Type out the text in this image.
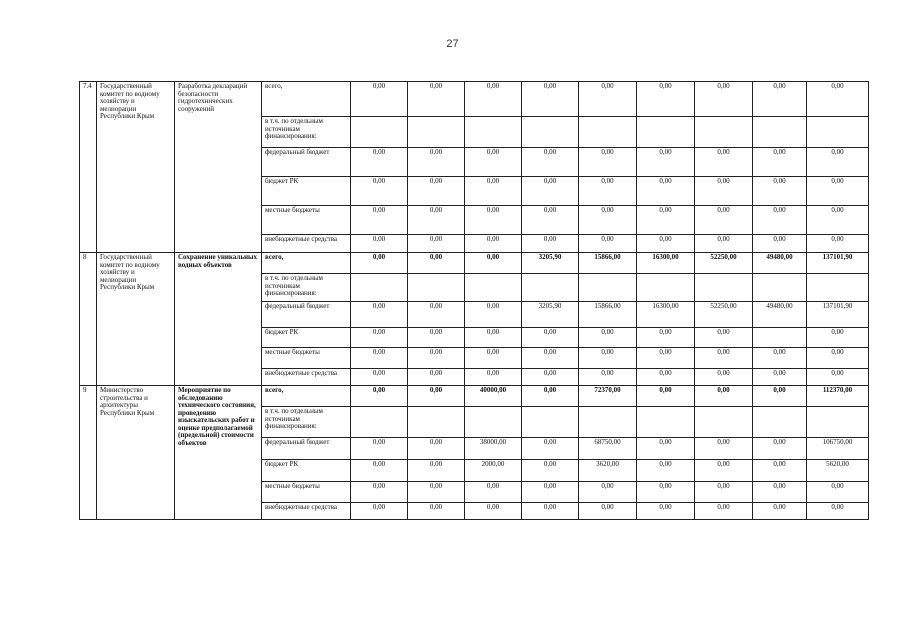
27
7.4	Государственный комитет по водному хозяйству и мелиорации Республики Крым	Разработка деклараций безопасности гидротехнических сооружений	всего,	0,00	0,00	0,00	0,00	0,00	0,00	0,00	0,00	0,00
			в т.ч. по отдельным источникам финансирования:									
			федеральный бюджет	0,00	0,00	0,00	0,00	0,00	0,00	0,00	0,00	0,00
			бюджет РК	0,00	0,00	0,00	0,00	0,00	0,00	0,00	0,00	0,00
			местные бюджеты	0,00	0,00	0,00	0,00	0,00	0,00	0,00	0,00	0,00
			внебюджетные средства	0,00	0,00	0,00	0,00	0,00	0,00	0,00	0,00	0,00
8	Государственный комитет по водному хозяйству и мелиорации Республики Крым	Сохранение уникальных водных объектов	всего,	0,00	0,00	0,00	3205,90	15866,00	16300,00	52250,00	49480,00	137101,90
			в т.ч. по отдельным источникам финансирования:									
			федеральный бюджет	0,00	0,00	0,00	3205,90	15866,00	16300,00	52250,00	49480,00	137101,90
			бюджет РК	0,00	0,00	0,00	0,00	0,00	0,00	0,00		0,00
			местные бюджеты	0,00	0,00	0,00	0,00	0,00	0,00	0,00	0,00	0,00
			внебюджетные средства	0,00	0,00	0,00	0,00	0,00	0,00	0,00	0,00	0,00
9	Министерство строительства и архитектуры Республики Крым	Мероприятие по обследованию технического состояния, проведению изыскательских работ и оценке предполагаемой (предельной) стоимости объектов	всего,	0,00	0,00	40000,00	0,00	72370,00	0,00	0,00	0,00	112370,00
			в т.ч. по отдельным источникам финансирования:									
			федеральный бюджет	0,00	0,00	38000,00	0,00	68750,00	0,00	0,00	0,00	106750,00
			бюджет РК	0,00	0,00	2000,00	0,00	3620,00	0,00	0,00	0,00	5620,00
			местные бюджеты	0,00	0,00	0,00	0,00	0,00	0,00	0,00	0,00	0,00
			внебюджетные средства	0,00	0,00	0,00	0,00	0,00	0,00	0,00	0,00	0,00
